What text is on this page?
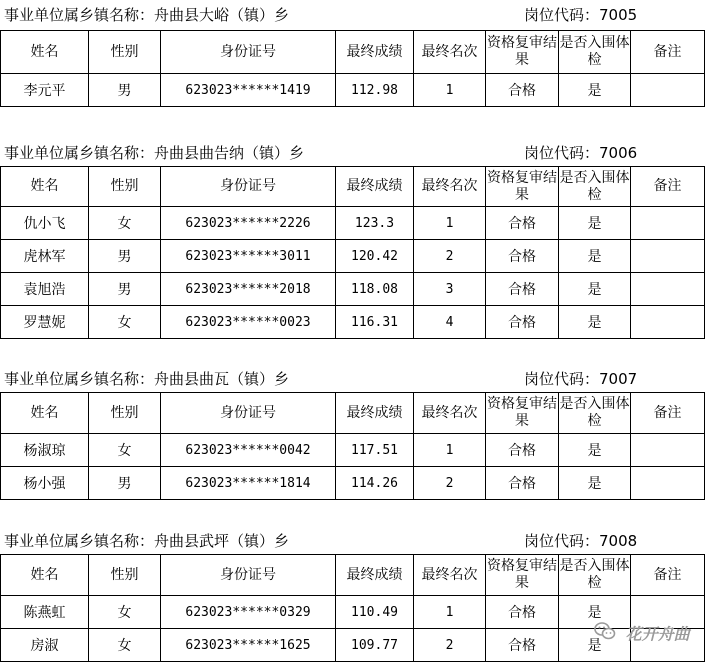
事业单位属乡镇名称：舟曲县大峪（镇）乡	岗位代码：7005
姓名	性别	身份证号	最终成绩	最终名次	资格复审结果	是否入围体检	备注
李元平	男	623023******1419	112.98	1	合格	是	
事业单位属乡镇名称：舟曲县曲告纳（镇）乡	岗位代码：7006
姓名	性别	身份证号	最终成绩	最终名次	资格复审结果	是否入围体检	备注
仇小飞	女	623023******2226	123.3	1	合格	是	
虎林军	男	623023******3011	120.42	2	合格	是	
袁旭浩	男	623023******2018	118.08	3	合格	是	
罗慧妮	女	623023******0023	116.31	4	合格	是	
事业单位属乡镇名称：舟曲县曲瓦（镇）乡	岗位代码：7007
姓名	性别	身份证号	最终成绩	最终名次	资格复审结果	是否入围体检	备注
杨淑琼	女	623023******0042	117.51	1	合格	是	
杨小强	男	623023******1814	114.26	2	合格	是	
事业单位属乡镇名称：舟曲县武坪（镇）乡	岗位代码：7008
姓名	性别	身份证号	最终成绩	最终名次	资格复审结果	是否入围体检	备注
陈燕虹	女	623023******0329	110.49	1	合格	是	
房淑	女	623023******1625	109.77	2	合格	是	
花开舟曲
